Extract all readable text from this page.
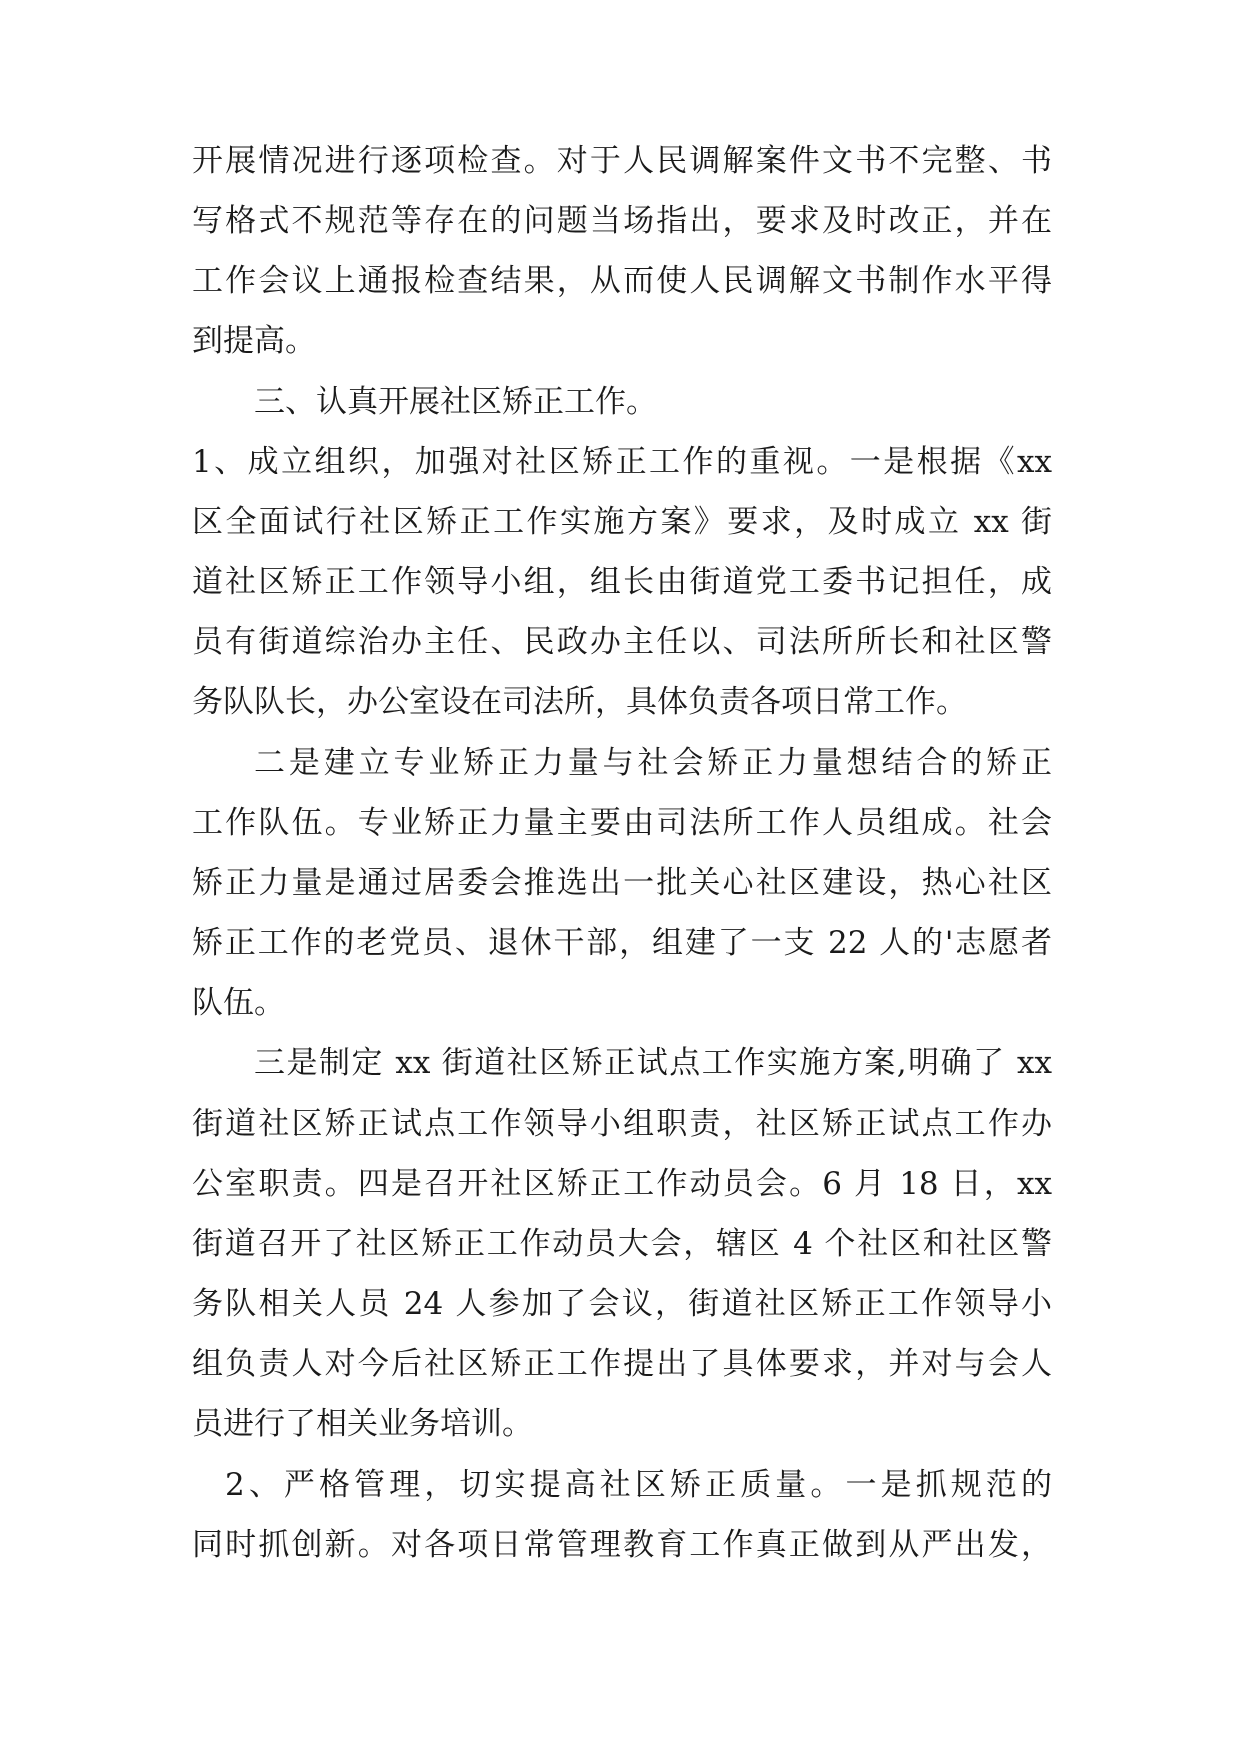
开展情况进行逐项检查。对于人民调解案件文书不完整、书
写格式不规范等存在的问题当场指出，要求及时改正，并在
工作会议上通报检查结果，从而使人民调解文书制作水平得
到提高。
三、认真开展社区矫正工作。
1、成立组织，加强对社区矫正工作的重视。一是根据《xx
区全面试行社区矫正工作实施方案》要求，及时成立 xx 街
道社区矫正工作领导小组，组长由街道党工委书记担任，成
员有街道综治办主任、民政办主任以、司法所所长和社区警
务队队长，办公室设在司法所，具体负责各项日常工作。
二是建立专业矫正力量与社会矫正力量想结合的矫正
工作队伍。专业矫正力量主要由司法所工作人员组成。社会
矫正力量是通过居委会推选出一批关心社区建设，热心社区
矫正工作的老党员、退休干部，组建了一支 22 人的'志愿者
队伍。
三是制定 xx 街道社区矫正试点工作实施方案,明确了 xx
街道社区矫正试点工作领导小组职责，社区矫正试点工作办
公室职责。四是召开社区矫正工作动员会。6 月 18 日，xx
街道召开了社区矫正工作动员大会，辖区 4 个社区和社区警
务队相关人员 24 人参加了会议，街道社区矫正工作领导小
组负责人对今后社区矫正工作提出了具体要求，并对与会人
员进行了相关业务培训。
2、严格管理，切实提高社区矫正质量。一是抓规范的
同时抓创新。对各项日常管理教育工作真正做到从严出发，
